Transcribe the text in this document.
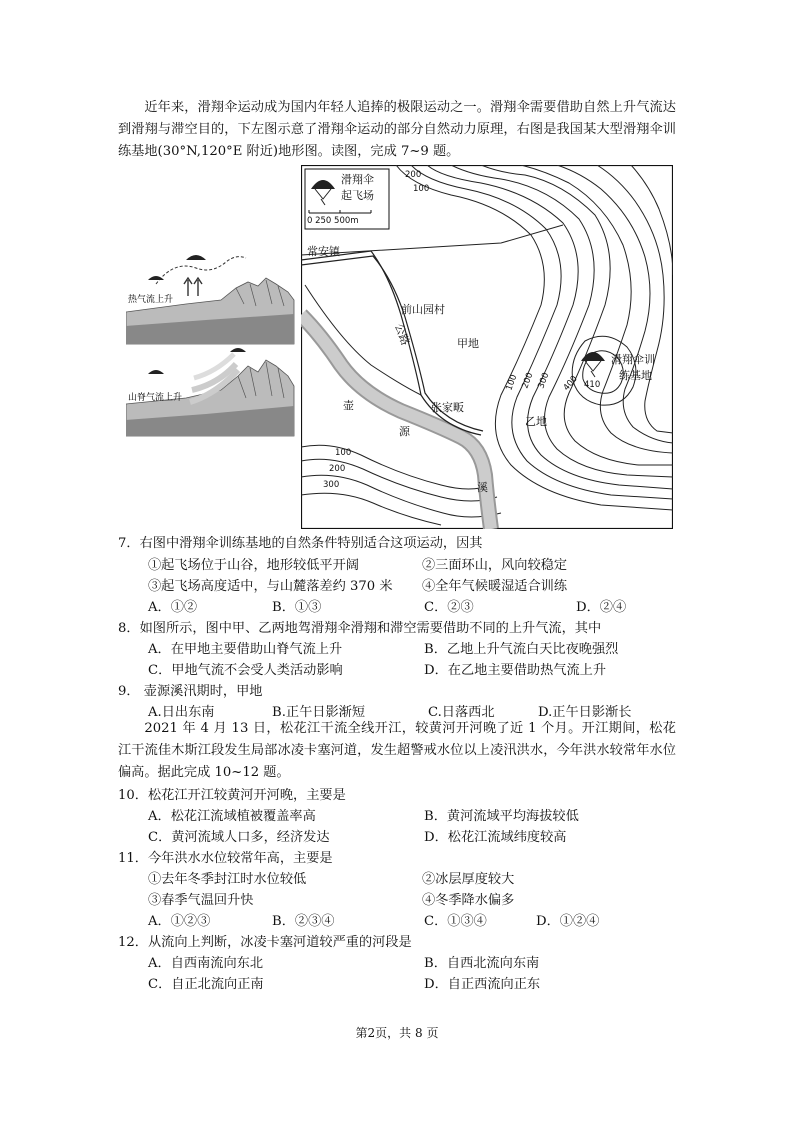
近年来，滑翔伞运动成为国内年轻人追捧的极限运动之一。滑翔伞需要借助自然上升气流达到滑翔与滞空目的，下左图示意了滑翔伞运动的部分自然动力原理，右图是我国某大型滑翔伞训练基地(30°N,120°E 附近)地形图。读图，完成 7~9 题。
热气流上升
山脊气流上升
滑翔伞
起飞场
0 250 500m
常安镇
前山园村
公路	甲地
张家畈
壶
源
溪
乙地
滑翔伞训
练基地
200
100
100 200 300 400 410
100
200
300
7．右图中滑翔伞训练基地的自然条件特别适合这项运动，因其
①起飞场位于山谷，地形较低平开阔	②三面环山，风向较稳定
③起飞场高度适中，与山麓落差约 370 米 ④全年气候暖湿适合训练
A．①②	B．①③	C．②③	D．②④
8．如图所示，图中甲、乙两地驾滑翔伞滑翔和滞空需要借助不同的上升气流，其中
A．在甲地主要借助山脊气流上升	B．乙地上升气流白天比夜晚强烈
C．甲地气流不会受人类活动影响	D．在乙地主要借助热气流上升
9． 壶源溪汛期时，甲地
A.日出东南	B.正午日影渐短	C.日落西北	D.正午日影渐长
2021 年 4 月 13 日，松花江干流全线开江，较黄河开河晚了近 1 个月。开江期间，松花江干流佳木斯江段发生局部冰凌卡塞河道，发生超警戒水位以上凌汛洪水，今年洪水较常年水位偏高。据此完成 10~12 题。
10．松花江开江较黄河开河晚，主要是
A．松花江流域植被覆盖率高	B．黄河流域平均海拔较低
C．黄河流域人口多，经济发达	D．松花江流域纬度较高
11．今年洪水水位较常年高，主要是
①去年冬季封江时水位较低	②冰层厚度较大
③春季气温回升快	④冬季降水偏多
A．①②③	B．②③④	C．①③④	D．①②④
12．从流向上判断，冰凌卡塞河道较严重的河段是
A．自西南流向东北	B．自西北流向东南
C．自正北流向正南	D．自正西流向正东
第2页，共 8 页
